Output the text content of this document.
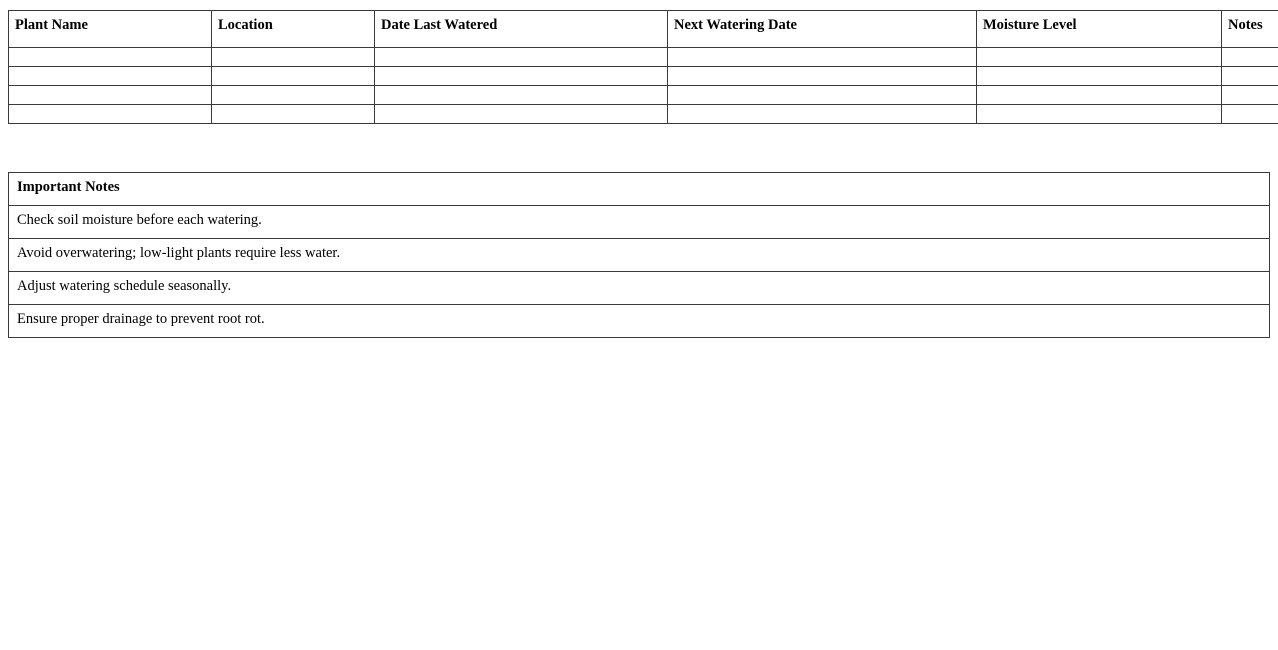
Plant Name	Location	Date Last Watered	Next Watering Date	Moisture Level	Notes

Important Notes
Check soil moisture before each watering.
Avoid overwatering; low-light plants require less water.
Adjust watering schedule seasonally.
Ensure proper drainage to prevent root rot.
